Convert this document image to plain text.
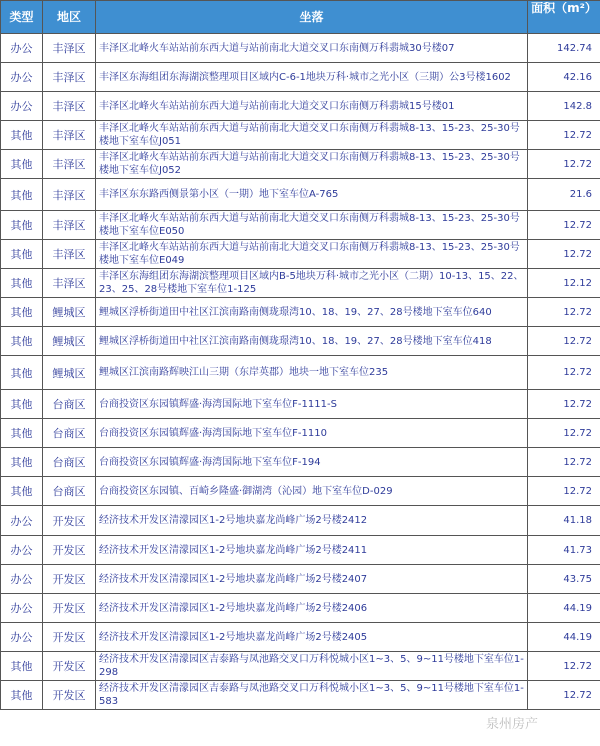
类型	地区	坐落	面积（m²）

办公	丰泽区	丰泽区北峰火车站站前东西大道与站前南北大道交叉口东南侧万科翡城30号楼07	142.74
办公	丰泽区	丰泽区东海组团东海湖滨整理项目区域内C-6-1地块万科·城市之光小区（三期）公3号楼1602	42.16
办公	丰泽区	丰泽区北峰火车站站前东西大道与站前南北大道交叉口东南侧万科翡城15号楼01	142.8
其他	丰泽区	丰泽区北峰火车站站前东西大道与站前南北大道交叉口东南侧万科翡城8-13、15-23、25-30号楼地下室车位J051	12.72
其他	丰泽区	丰泽区北峰火车站站前东西大道与站前南北大道交叉口东南侧万科翡城8-13、15-23、25-30号楼地下室车位J052	12.72
其他	丰泽区	丰泽区东东路西侧景第小区（一期）地下室车位A-765	21.6
其他	丰泽区	丰泽区北峰火车站站前东西大道与站前南北大道交叉口东南侧万科翡城8-13、15-23、25-30号楼地下室车位E050	12.72
其他	丰泽区	丰泽区北峰火车站站前东西大道与站前南北大道交叉口东南侧万科翡城8-13、15-23、25-30号楼地下室车位E049	12.72
其他	丰泽区	丰泽区东海组团东海湖滨整理项目区域内B-5地块万科·城市之光小区（二期）10-13、15、22、23、25、28号楼地下室车位1-125	12.12
其他	鲤城区	鲤城区浮桥街道田中社区江滨南路南侧珑璟湾10、18、19、27、28号楼地下室车位640	12.72
其他	鲤城区	鲤城区浮桥街道田中社区江滨南路南侧珑璟湾10、18、19、27、28号楼地下室车位418	12.72
其他	鲤城区	鲤城区江滨南路辉映江山三期（东岸英郡）地块一地下室车位235	12.72
其他	台商区	台商投资区东园镇辉盛·海湾国际地下室车位F-1111-S	12.72
其他	台商区	台商投资区东园镇辉盛·海湾国际地下室车位F-1110	12.72
其他	台商区	台商投资区东园镇辉盛·海湾国际地下室车位F-194	12.72
其他	台商区	台商投资区东园镇、百崎乡隆盛·御湖湾（沁园）地下室车位D-029	12.72
办公	开发区	经济技术开发区清濛园区1-2号地块嘉龙尚峰广场2号楼2412	41.18
办公	开发区	经济技术开发区清濛园区1-2号地块嘉龙尚峰广场2号楼2411	41.73
办公	开发区	经济技术开发区清濛园区1-2号地块嘉龙尚峰广场2号楼2407	43.75
办公	开发区	经济技术开发区清濛园区1-2号地块嘉龙尚峰广场2号楼2406	44.19
办公	开发区	经济技术开发区清濛园区1-2号地块嘉龙尚峰广场2号楼2405	44.19
其他	开发区	经济技术开发区清濛园区吉泰路与凤池路交叉口万科悦城小区1~3、5、9~11号楼地下室车位1-298	12.72
其他	开发区	经济技术开发区清濛园区吉泰路与凤池路交叉口万科悦城小区1~3、5、9~11号楼地下室车位1-583	12.72
泉州房产
